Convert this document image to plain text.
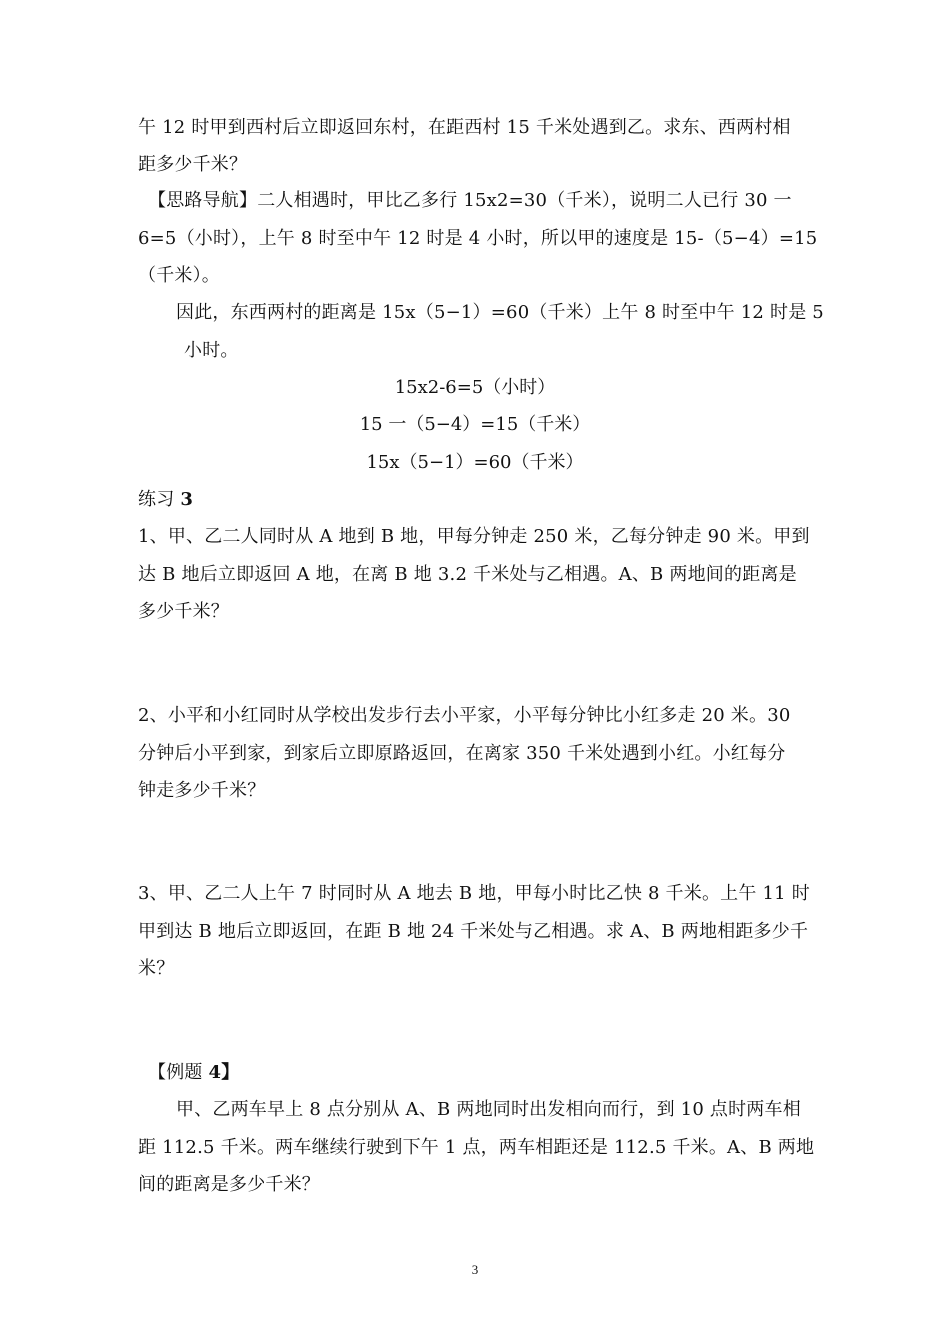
午 12 时甲到西村后立即返回东村，在距西村 15 千米处遇到乙。求东、西两村相
距多少千米？
【思路导航】二人相遇时，甲比乙多行 15x2=30（千米），说明二人已行 30 一
6=5（小时），上午 8 时至中午 12 时是 4 小时，所以甲的速度是 15-（5−4）=15
（千米）。
因此，东西两村的距离是 15x（5−1）=60（千米）上午 8 时至中午 12 时是 5
小时。
15x2-6=5（小时）
15 一（5−4）=15（千米）
15x（5−1）=60（千米）
练习 3
1、甲、乙二人同时从 A 地到 B 地，甲每分钟走 250 米，乙每分钟走 90 米。甲到
达 B 地后立即返回 A 地，在离 B 地 3.2 千米处与乙相遇。A、B 两地间的距离是
多少千米？
2、小平和小红同时从学校出发步行去小平家，小平每分钟比小红多走 20 米。30
分钟后小平到家，到家后立即原路返回，在离家 350 千米处遇到小红。小红每分
钟走多少千米？
3、甲、乙二人上午 7 时同时从 A 地去 B 地，甲每小时比乙快 8 千米。上午 11 时
甲到达 B 地后立即返回，在距 B 地 24 千米处与乙相遇。求 A、B 两地相距多少千
米？
【例题 4】
甲、乙两车早上 8 点分别从 A、B 两地同时出发相向而行，到 10 点时两车相
距 112.5 千米。两车继续行驶到下午 1 点，两车相距还是 112.5 千米。A、B 两地
间的距离是多少千米？
3
